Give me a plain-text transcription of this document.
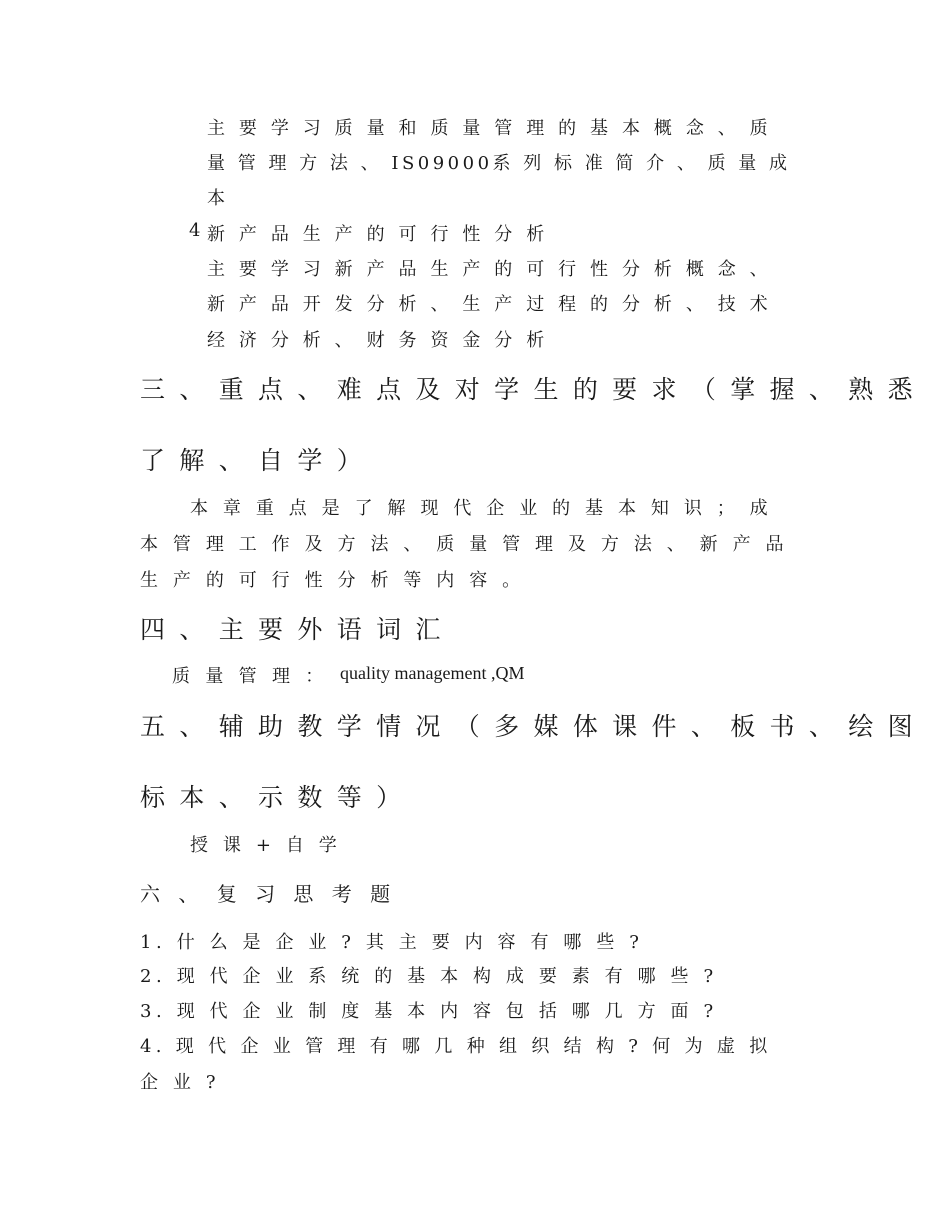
主 要 学 习 质 量 和 质 量 管 理 的 基 本 概 念 、 质
量 管 理 方 法 、 IS09000系 列 标 准 简 介 、 质 量 成
本
4 新 产 品 生 产 的 可 行 性 分 析
主 要 学 习 新 产 品 生 产 的 可 行 性 分 析 概 念 、
新 产 品 开 发 分 析 、 生 产 过 程 的 分 析 、 技 术
经 济 分 析 、 财 务 资 金 分 析
三 、 重 点 、 难 点 及 对 学 生 的 要 求 （ 掌 握 、 熟 悉
了 解 、 自 学 ）
本 章 重 点 是 了 解 现 代 企 业 的 基 本 知 识 ； 成
本 管 理 工 作 及 方 法 、 质 量 管 理 及 方 法 、 新 产 品
生 产 的 可 行 性 分 析 等 内 容 。
四 、 主 要 外 语 词 汇
质 量 管 理 ： quality management ,QM
五 、 辅 助 教 学 情 况 （ 多 媒 体 课 件 、 板 书 、 绘 图
标 本 、 示 数 等 ）
授 课 + 自 学
六 、 复 习 思 考 题
1. 什 么 是 企 业 ? 其 主 要 内 容 有 哪 些 ?
2. 现 代 企 业 系 统 的 基 本 构 成 要 素 有 哪 些 ?
3. 现 代 企 业 制 度 基 本 内 容 包 括 哪 几 方 面 ?
4. 现 代 企 业 管 理 有 哪 几 种 组 织 结 构 ? 何 为 虚 拟
企 业 ?
